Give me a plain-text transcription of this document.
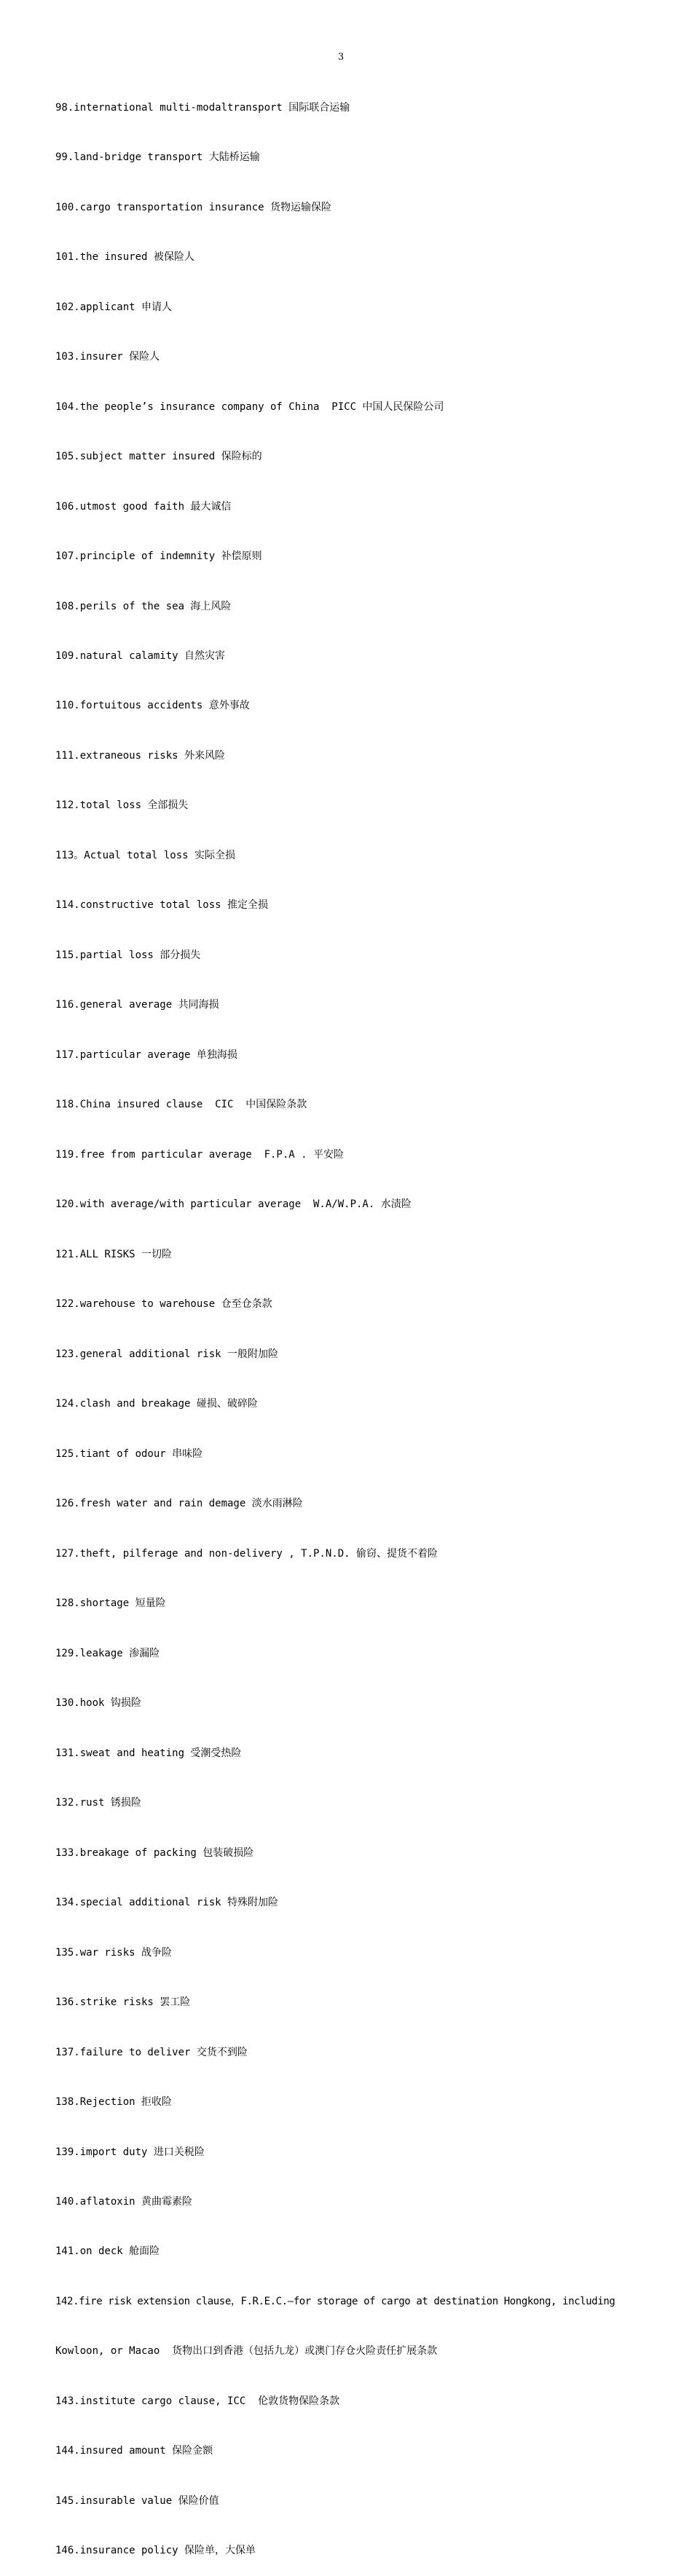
3

98.international multi-modaltransport 国际联合运输

99.land-bridge transport 大陆桥运输

100.cargo transportation insurance 货物运输保险

101.the insured 被保险人

102.applicant 申请人

103.insurer 保险人

104.the people’s insurance company of China  PICC 中国人民保险公司

105.subject matter insured 保险标的

106.utmost good faith 最大诚信

107.principle of indemnity 补偿原则

108.perils of the sea 海上风险

109.natural calamity 自然灾害

110.fortuitous accidents 意外事故

111.extraneous risks 外来风险

112.total loss 全部损失

113。Actual total loss 实际全损

114.constructive total loss 推定全损

115.partial loss 部分损失

116.general average 共同海损

117.particular average 单独海损

118.China insured clause  CIC  中国保险条款

119.free from particular average  F.P.A . 平安险

120.with average/with particular average  W.A/W.P.A. 水渍险

121.ALL RISKS 一切险

122.warehouse to warehouse 仓至仓条款

123.general additional risk 一般附加险

124.clash and breakage 碰损、破碎险

125.tiant of odour 串味险

126.fresh water and rain demage 淡水雨淋险

127.theft, pilferage and non-delivery , T.P.N.D. 偷窃、提货不着险

128.shortage 短量险

129.leakage 渗漏险

130.hook 钩损险

131.sweat and heating 受潮受热险

132.rust 锈损险

133.breakage of packing 包装破损险

134.special additional risk 特殊附加险

135.war risks 战争险

136.strike risks 罢工险

137.failure to deliver 交货不到险

138.Rejection 拒收险

139.import duty 进口关税险

140.aflatoxin 黄曲霉素险

141.on deck 舱面险

142.fire risk extension clause，F.R.E.C.—for storage of cargo at destination Hongkong, including

Kowloon, or Macao  货物出口到香港（包括九龙）或澳门存仓火险责任扩展条款

143.institute cargo clause, ICC  伦敦货物保险条款

144.insured amount 保险金额

145.insurable value 保险价值

146.insurance policy 保险单，大保单
